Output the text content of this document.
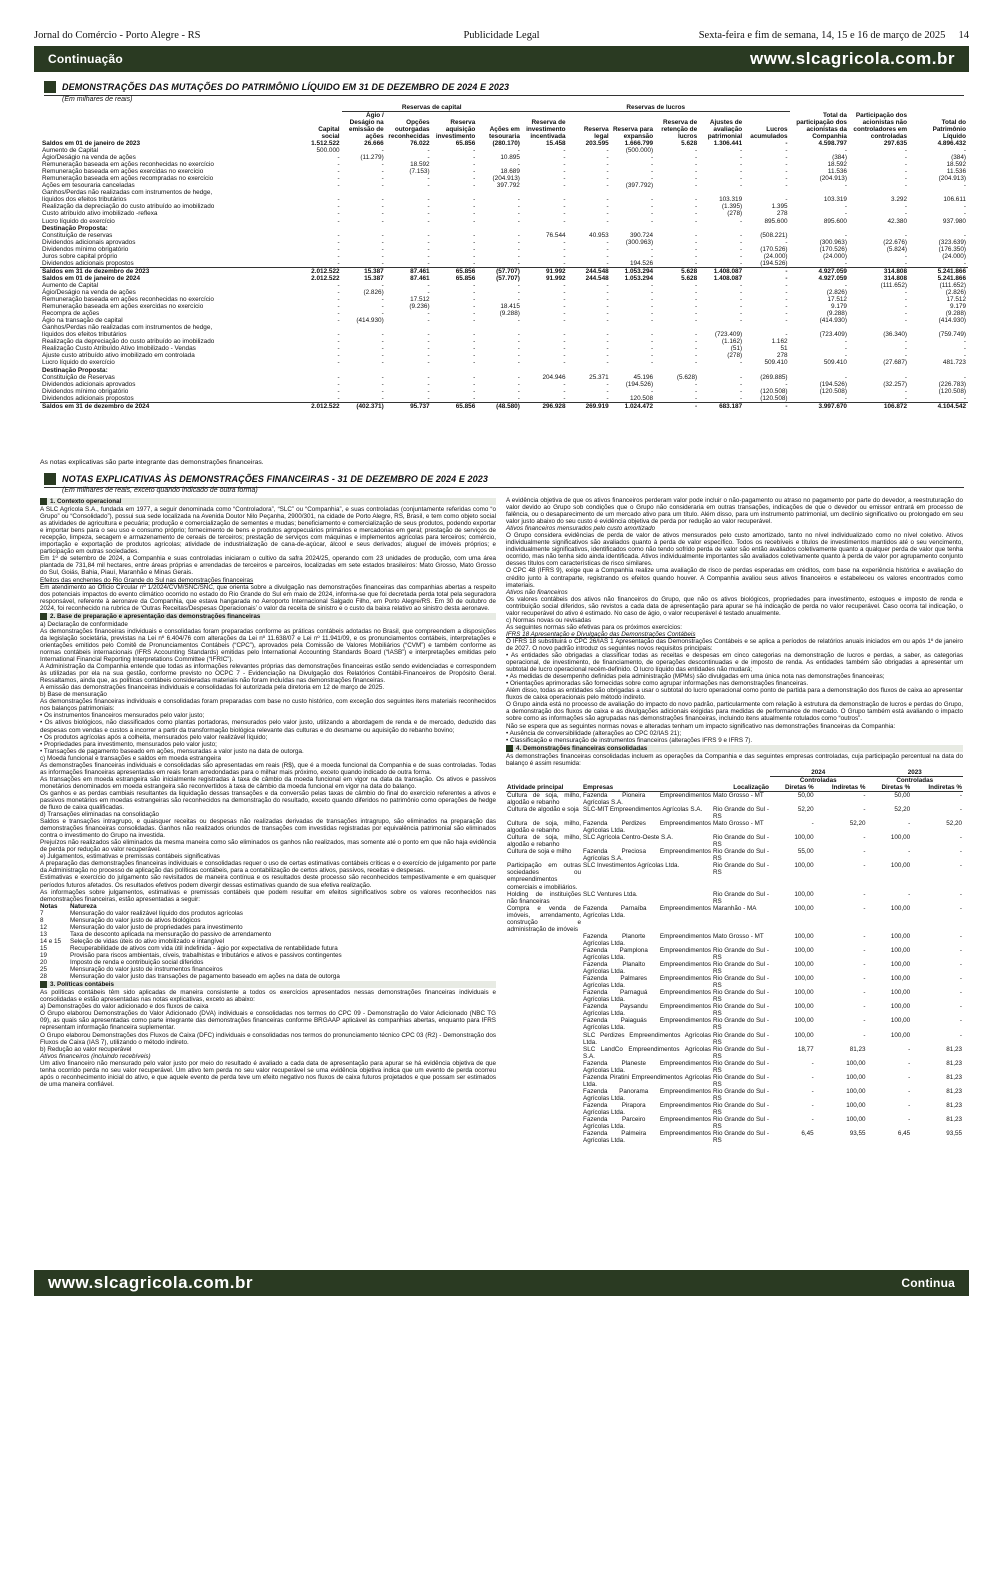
Jornal do Comércio - Porto Alegre - RS	Publicidade Legal	Sexta-feira e fim de semana, 14, 15 e 16 de março de 2025 14
Continuação	www.slcagricola.com.br
DEMONSTRAÇÕES DAS MUTAÇÕES DO PATRIMÔNIO LÍQUIDO EM 31 DE DEZEMBRO DE 2024 E 2023
(Em milhares de reais)
		Reservas de capital				Reservas de lucros								
	Capital social	Ágio / Deságio na emissão de ações	Opções outorgadas reconhecidas	Reserva aquisição investimento	Ações em tesouraria	Reserva de investimento incentivada	Reserva legal	Reserva para expansão	Reserva de retenção de lucros	Ajustes de avaliação patrimonial	Lucros acumulados	Total da participação dos acionistas da Companhia	Participação dos acionistas não controladores em controladas	Total do Patrimônio Líquido
Saldos em 01 de janeiro de 2023	1.512.522	26.666	76.022	65.856	(280.170)	15.458	203.595	1.666.799	5.628	1.306.441	-	4.598.797	297.635	4.896.432
Aumento de Capital	500.000	-	-	-	-	-	-	(500.000)	-	-	-	-	-	-
Ágio/Deságio na venda de ações	-	(11.279)	-	-	10.895	-	-	-	-	-	-	(384)	-	(384)
Remuneração baseada em ações reconhecidas no exercício	-	-	18.592	-	-	-	-	-	-	-	-	18.592	-	18.592
Remuneração baseada em ações exercidas no exercício	-	-	(7.153)	-	18.689	-	-	-	-	-	-	11.536	-	11.536
Remuneração baseada em ações recompradas no exercício	-	-	-	-	(204.913)	-	-	-	-	-	-	(204.913)	-	(204.913)
Ações em tesouraria canceladas	-	-	-	-	397.792	-	-	(397.792)	-	-	-	-	-	-
Ganhos/Perdas não realizadas com instrumentos de hedge,														
líquidos dos efeitos tributários	-	-	-	-	-	-	-	-	-	103.319	-	103.319	3.292	106.611
Realização da depreciação do custo atribuído ao imobilizado	-	-	-	-	-	-	-	-	-	(1.395)	1.395	-	-	-
Custo atribuído ativo imobilizado -reflexa	-	-	-	-	-	-	-	-	-	(278)	278	-	-	-
Lucro líquido do exercício	-	-	-	-	-	-	-	-	-	-	895.600	895.600	42.380	937.980
Destinação Proposta:														
Constituição de reservas	-	-	-	-	-	76.544	40.953	390.724	-	-	(508.221)	-	-	-
Dividendos adicionais aprovados	-	-	-	-	-	-	-	(300.963)	-	-	-	(300.963)	(22.676)	(323.639)
Dividendos mínimo obrigatório	-	-	-	-	-	-	-	-	-	-	(170.526)	(170.526)	(5.824)	(176.350)
Juros sobre capital próprio	-	-	-	-	-	-	-	-	-	-	(24.000)	(24.000)	-	(24.000)
Dividendos adicionais propostos	-	-	-	-	-	-	-	194.526	-	-	(194.526)	-	-	-
Saldos em 31 de dezembro de 2023	2.012.522	15.387	87.461	65.856	(57.707)	91.992	244.548	1.053.294	5.628	1.408.087	-	4.927.059	314.808	5.241.866
Saldos em 01 de janeiro de 2024	2.012.522	15.387	87.461	65.856	(57.707)	91.992	244.548	1.053.294	5.628	1.408.087	-	4.927.059	314.808	5.241.866
Aumento de Capital	-	-	-	-	-	-	-	-	-	-	-	-	(111.652)	(111.652)
Ágio/Deságio na venda de ações	-	(2.826)	-	-	-	-	-	-	-	-	-	(2.826)	-	(2.826)
Remuneração baseada em ações reconhecidas no exercício	-	-	17.512	-	-	-	-	-	-	-	-	17.512	-	17.512
Remuneração baseada em ações exercidas no exercício	-	-	(9.236)	-	18.415	-	-	-	-	-	-	9.179	-	9.179
Recompra de ações	-	-	-	-	(9.288)	-	-	-	-	-	-	(9.288)	-	(9.288)
Ágio na transação de capital	-	(414.930)	-	-	-	-	-	-	-	-	-	(414.930)	-	(414.930)
Ganhos/Perdas não realizadas com instrumentos de hedge,														
líquidos dos efeitos tributários	-	-	-	-	-	-	-	-	-	(723.409)	-	(723.409)	(36.340)	(759.749)
Realização da depreciação do custo atribuído ao imobilizado	-	-	-	-	-	-	-	-	-	(1.162)	1.162	-	-	-
Realização Custo Atribuído Ativo Imobilizado - Vendas	-	-	-	-	-	-	-	-	-	(51)	51	-	-	-
Ajuste custo atribuído ativo imobilizado em controlada	-	-	-	-	-	-	-	-	-	(278)	278	-	-	-
Lucro líquido do exercício	-	-	-	-	-	-	-	-	-	-	509.410	509.410	(27.687)	481.723
Destinação Proposta:														
Constituição de Reservas	-	-	-	-	-	204.946	25.371	45.196	(5.628)	-	(269.885)	-	-	-
Dividendos adicionais aprovados	-	-	-	-	-	-	-	(194.526)	-	-	-	(194.526)	(32.257)	(226.783)
Dividendos mínimo obrigatório	-	-	-	-	-	-	-	-	-	-	(120.508)	(120.508)	-	(120.508)
Dividendos adicionais propostos	-	-	-	-	-	-	-	120.508	-	-	(120.508)	-	-	-
Saldos em 31 de dezembro de 2024	2.012.522	(402.371)	95.737	65.856	(48.580)	296.928	269.919	1.024.472	-	683.187	-	3.997.670	106.872	4.104.542
As notas explicativas são parte integrante das demonstrações financeiras.
NOTAS EXPLICATIVAS ÀS DEMONSTRAÇÕES FINANCEIRAS - 31 DE DEZEMBRO DE 2024 E 2023
(Em milhares de reais, exceto quando indicado de outra forma)
1. Contexto operacional

A SLC Agrícola S.A., fundada em 1977, a seguir denominada como “Controladora”, “SLC” ou “Companhia”, e suas controladas (conjuntamente referidas como “o Grupo” ou “Consolidado”), possui sua sede localizada na Avenida Doutor Nilo Peçanha, 2900/301, na cidade de Porto Alegre, RS, Brasil, e tem como objeto social as atividades de agricultura e pecuária; produção e comercialização de sementes e mudas; beneficiamento e comercialização de seus produtos, podendo exportar e importar bens para o seu uso e consumo próprio; fornecimento de bens e produtos agropecuários primários e mercadorias em geral; prestação de serviços de recepção, limpeza, secagem e armazenamento de cereais de terceiros; prestação de serviços com máquinas e implementos agrícolas para terceiros; comércio, importação e exportação de produtos agrícolas; atividade de industrialização de cana-de-açúcar, álcool e seus derivados; aluguel de imóveis próprios; e participação em outras sociedades.

Em 1º de setembro de 2024, a Companhia e suas controladas iniciaram o cultivo da safra 2024/25, operando com 23 unidades de produção, com uma área plantada de 731,84 mil hectares, entre áreas próprias e arrendadas de terceiros e parceiros, localizadas em sete estados brasileiros: Mato Grosso, Mato Grosso do Sul, Goiás, Bahia, Piauí, Maranhão e Minas Gerais.

Efeitos das enchentes do Rio Grande do Sul nas demonstrações financeiras

Em atendimento ao Ofício Circular nº 1/2024/CVM/SNC/SNC, que orienta sobre a divulgação nas demonstrações financeiras das companhias abertas a respeito dos potenciais impactos do evento climático ocorrido no estado do Rio Grande do Sul em maio de 2024, informa-se que foi decretada perda total pela seguradora responsável, referente à aeronave da Companhia, que estava hangarada no Aeroporto Internacional Salgado Filho, em Porto Alegre/RS. Em 30 de outubro de 2024, foi reconhecido na rubrica de ‘Outras Receitas/Despesas Operacionais’ o valor da receita de sinistro e o custo da baixa relativo ao sinistro desta aeronave.

2. Base de preparação e apresentação das demonstrações financeiras

a) Declaração de conformidade

As demonstrações financeiras individuais e consolidadas foram preparadas conforme as práticas contábeis adotadas no Brasil, que compreendem a disposições da legislação societária, previstas na Lei nº 6.404/76 com alterações da Lei nº 11.638/07 e Lei nº 11.941/09, e os pronunciamentos contábeis, interpretações e orientações emitidos pelo Comitê de Pronunciamentos Contábeis (“CPC”), aprovados pela Comissão de Valores Mobiliários (“CVM”) e também conforme as normas contábeis internacionais (IFRS Accounting Standards) emitidas pelo International Accounting Standards Board (“IASB”) e interpretações emitidas pelo International Financial Reporting Interpretations Committee (“IFRIC”).

A Administração da Companhia entende que todas as informações relevantes próprias das demonstrações financeiras estão sendo evidenciadas e correspondem às utilizadas por ela na sua gestão, conforme previsto no OCPC 7 - Evidenciação na Divulgação dos Relatórios Contábil-Financeiros de Propósito Geral. Ressaltamos, ainda que, as políticas contábeis consideradas materiais não foram incluídas nas demonstrações financeiras.

A emissão das demonstrações financeiras individuais e consolidadas foi autorizada pela diretoria em 12 de março de 2025.

b) Base de mensuração

As demonstrações financeiras individuais e consolidadas foram preparadas com base no custo histórico, com exceção dos seguintes itens materiais reconhecidos nos balanços patrimoniais:

• Os instrumentos financeiros mensurados pelo valor justo;
• Os ativos biológicos, não classificados como plantas portadoras, mensurados pelo valor justo, utilizando a abordagem de renda e de mercado, deduzido das despesas com vendas e custos a incorrer a partir da transformação biológica relevante das culturas e do desmame ou aquisição do rebanho bovino;
• Os produtos agrícolas após a colheita, mensurados pelo valor realizável líquido;
• Propriedades para investimento, mensurados pelo valor justo;
• Transações de pagamento baseado em ações, mensuradas a valor justo na data de outorga.

c) Moeda funcional e transações e saldos em moeda estrangeira

As demonstrações financeiras individuais e consolidadas são apresentadas em reais (R$), que é a moeda funcional da Companhia e de suas controladas. Todas as informações financeiras apresentadas em reais foram arredondadas para o milhar mais próximo, exceto quando indicado de outra forma.

As transações em moeda estrangeira são inicialmente registradas à taxa de câmbio da moeda funcional em vigor na data da transação. Os ativos e passivos monetários denominados em moeda estrangeira são reconvertidos à taxa de câmbio da moeda funcional em vigor na data do balanço.

Os ganhos e as perdas cambiais resultantes da liquidação dessas transações e da conversão pelas taxas de câmbio do final do exercício referentes a ativos e passivos monetários em moedas estrangeiras são reconhecidos na demonstração do resultado, exceto quando diferidos no patrimônio como operações de hedge de fluxo de caixa qualificadas.

d) Transações eliminadas na consolidação

Saldos e transações intragrupo, e quaisquer receitas ou despesas não realizadas derivadas de transações intragrupo, são eliminados na preparação das demonstrações financeiras consolidadas. Ganhos não realizados oriundos de transações com investidas registradas por equivalência patrimonial são eliminados contra o investimento do Grupo na investida.

Prejuízos não realizados são eliminados da mesma maneira como são eliminados os ganhos não realizados, mas somente até o ponto em que não haja evidência de perda por redução ao valor recuperável.

e) Julgamentos, estimativas e premissas contábeis significativas

A preparação das demonstrações financeiras individuais e consolidadas requer o uso de certas estimativas contábeis críticas e o exercício de julgamento por parte da Administração no processo de aplicação das políticas contábeis, para a contabilização de certos ativos, passivos, receitas e despesas.

Estimativas e exercício do julgamento são revisitados de maneira contínua e os resultados deste processo são reconhecidos tempestivamente e em quaisquer períodos futuros afetados. Os resultados efetivos podem divergir dessas estimativas quando de sua efetiva realização.

As informações sobre julgamentos, estimativas e premissas contábeis que podem resultar em efeitos significativos sobre os valores reconhecidos nas demonstrações financeiras, estão apresentadas a seguir:

Notas	Natureza
7	Mensuração do valor realizável líquido dos produtos agrícolas
8	Mensuração do valor justo de ativos biológicos
12	Mensuração do valor justo de propriedades para investimento
13	Taxa de desconto aplicada na mensuração do passivo de arrendamento
14 e 15	Seleção de vidas úteis do ativo imobilizado e intangível
15	Recuperabilidade de ativos com vida útil indefinida - ágio por expectativa de rentabilidade futura
19	Provisão para riscos ambientais, cíveis, trabalhistas e tributários e ativos e passivos contingentes
20	Imposto de renda e contribuição social diferidos
25	Mensuração do valor justo de instrumentos financeiros
28	Mensuração do valor justo das transações de pagamento baseado em ações na data de outorga
3. Políticas contábeis

As políticas contábeis têm sido aplicadas de maneira consistente a todos os exercícios apresentados nessas demonstrações financeiras individuais e consolidadas e estão apresentadas nas notas explicativas, exceto as abaixo:

a) Demonstrações do valor adicionado e dos fluxos de caixa

O Grupo elaborou Demonstrações do Valor Adicionado (DVA) individuais e consolidadas nos termos do CPC 09 - Demonstração do Valor Adicionado (NBC TG 09), as quais são apresentadas como parte integrante das demonstrações financeiras conforme BRGAAP aplicável às companhias abertas, enquanto para IFRS representam informação financeira suplementar.

O Grupo elaborou Demonstrações dos Fluxos de Caixa (DFC) individuais e consolidadas nos termos do pronunciamento técnico CPC 03 (R2) - Demonstração dos Fluxos de Caixa (IAS 7), utilizando o método indireto.

b) Redução ao valor recuperável

Ativos financeiros (incluindo recebíveis)

Um ativo financeiro não mensurado pelo valor justo por meio do resultado é avaliado a cada data de apresentação para apurar se há evidência objetiva de que tenha ocorrido perda no seu valor recuperável. Um ativo tem perda no seu valor recuperável se uma evidência objetiva indica que um evento de perda ocorreu após o reconhecimento inicial do ativo, e que aquele evento de perda teve um efeito negativo nos fluxos de caixa futuros projetados e que possam ser estimados de uma maneira confiável.

A evidência objetiva de que os ativos financeiros perderam valor pode incluir o não-pagamento ou atraso no pagamento por parte do devedor, a reestruturação do valor devido ao Grupo sob condições que o Grupo não consideraria em outras transações, indicações de que o devedor ou emissor entrará em processo de falência, ou o desaparecimento de um mercado ativo para um título. Além disso, para um instrumento patrimonial, um declínio significativo ou prolongado em seu valor justo abaixo do seu custo é evidência objetiva de perda por redução ao valor recuperável.

Ativos financeiros mensurados pelo custo amortizado

O Grupo considera evidências de perda de valor de ativos mensurados pelo custo amortizado, tanto no nível individualizado como no nível coletivo. Ativos individualmente significativos são avaliados quanto à perda de valor específico. Todos os recebíveis e títulos de investimentos mantidos até o seu vencimento, individualmente significativos, identificados como não tendo sofrido perda de valor são então avaliados coletivamente quanto a qualquer perda de valor que tenha ocorrido, mas não tenha sido ainda identificada. Ativos individualmente importantes são avaliados coletivamente quanto à perda de valor por agrupamento conjunto desses títulos com características de risco similares.

O CPC 48 (IFRS 9), exige que a Companhia realize uma avaliação de risco de perdas esperadas em créditos, com base na experiência histórica e avaliação do crédito junto à contraparte, registrando os efeitos quando houver. A Companhia avaliou seus ativos financeiros e estabeleceu os valores encontrados como imateriais.

Ativos não financeiros

Os valores contábeis dos ativos não financeiros do Grupo, que não os ativos biológicos, propriedades para investimento, estoques e imposto de renda e contribuição social diferidos, são revistos a cada data de apresentação para apurar se há indicação de perda no valor recuperável. Caso ocorra tal indicação, o valor recuperável do ativo é estimado. No caso de ágio, o valor recuperável é testado anualmente.

c) Normas novas ou revisadas

As seguintes normas são efetivas para os próximos exercícios:

IFRS 18 Apresentação e Divulgação das Demonstrações Contábeis

O IFRS 18 substituirá o CPC 26/IAS 1 Apresentação das Demonstrações Contábeis e se aplica a períodos de relatórios anuais iniciados em ou após 1º de janeiro de 2027. O novo padrão introduz os seguintes novos requisitos principais:

• As entidades são obrigadas a classificar todas as receitas e despesas em cinco categorias na demonstração de lucros e perdas, a saber, as categorias operacional, de investimento, de financiamento, de operações descontinuadas e de imposto de renda. As entidades também são obrigadas a apresentar um subtotal de lucro operacional recém-definido. O lucro líquido das entidades não mudará;
• As medidas de desempenho definidas pela administração (MPMs) são divulgadas em uma única nota nas demonstrações financeiras;
• Orientações aprimoradas são fornecidas sobre como agrupar informações nas demonstrações financeiras.

Além disso, todas as entidades são obrigadas a usar o subtotal do lucro operacional como ponto de partida para a demonstração dos fluxos de caixa ao apresentar fluxos de caixa operacionais pelo método indireto.

O Grupo ainda está no processo de avaliação do impacto do novo padrão, particularmente com relação à estrutura da demonstração de lucros e perdas do Grupo, a demonstração dos fluxos de caixa e as divulgações adicionais exigidas para medidas de performance de mercado. O Grupo também está avaliando o impacto sobre como as informações são agrupadas nas demonstrações financeiras, incluindo itens atualmente rotulados como “outros”.

Não se espera que as seguintes normas novas e alteradas tenham um impacto significativo nas demonstrações financeiras da Companhia:

• Ausência de conversibilidade (alterações ao CPC 02/IAS 21);
• Classificação e mensuração de instrumentos financeiros (alterações IFRS 9 e IFRS 7).
4. Demonstrações financeiras consolidadas

As demonstrações financeiras consolidadas incluem as operações da Companhia e das seguintes empresas controladas, cuja participação percentual na data do balanço é assim resumida:

			2024		2023	
			Controladas		Controladas	
Atividade principal	Empresas	Localização	Diretas %	Indiretas %	Diretas %	Indiretas %
Cultura de soja, milho, algodão e rebanho	Fazenda Pioneira Empreendimentos Agrícolas S.A.	Mato Grosso - MT	50,00	-	50,00	-
Cultura de algodão e soja	SLC-MIT Empreendimentos Agrícolas S.A.	Rio Grande do Sul - RS	52,20	-	52,20	-
Cultura de soja, milho, algodão e rebanho	Fazenda Perdizes Empreendimentos Agrícolas Ltda.	Mato Grosso - MT	-	52,20	-	52,20
Cultura de soja, milho, algodão e rebanho	SLC Agrícola Centro-Oeste S.A.	Rio Grande do Sul - RS	100,00	-	100,00	-
Cultura de soja e milho	Fazenda Preciosa Empreendimentos Agrícolas S.A.	Rio Grande do Sul - RS	55,00	-	-	-
Participação em outras sociedades ou empreendimentos comerciais e imobiliários.	SLC Investimentos Agrícolas Ltda.	Rio Grande do Sul - RS	100,00	-	100,00	-
Holding de instituições não financeiras	SLC Ventures Ltda.	Rio Grande do Sul - RS	100,00	-	-	-
Compra e venda de imóveis, arrendamento, construção e administração de imóveis	Fazenda Parnaíba Empreendimentos Agrícolas Ltda.	Maranhão - MA	100,00	-	100,00	-
	Fazenda Planorte Empreendimentos Agrícolas Ltda.	Mato Grosso - MT	100,00	-	100,00	-
	Fazenda Pamplona Empreendimentos Agrícolas Ltda.	Rio Grande do Sul - RS	100,00	-	100,00	-
	Fazenda Planalto Empreendimentos Agrícolas Ltda.	Rio Grande do Sul - RS	100,00	-	100,00	-
	Fazenda Palmares Empreendimentos Agrícolas Ltda.	Rio Grande do Sul - RS	100,00	-	100,00	-
	Fazenda Parnaguá Empreendimentos Agrícolas Ltda.	Rio Grande do Sul - RS	100,00	-	100,00	-
	Fazenda Paysandu Empreendimentos Agrícolas Ltda.	Rio Grande do Sul - RS	100,00	-	100,00	-
	Fazenda Paiaguás Empreendimentos Agrícolas Ltda.	Rio Grande do Sul - RS	100,00	-	100,00	-
	SLC Perdizes Empreendimentos Agrícolas Ltda.	Rio Grande do Sul - RS	100,00	-	100,00	-
	SLC LandCo Empreendimentos Agrícolas S.A.	Rio Grande do Sul - RS	18,77	81,23	-	81,23
	Fazenda Planeste Empreendimentos Agrícolas Ltda.	Rio Grande do Sul - RS	-	100,00	-	81,23
	Fazenda Piratini Empreendimentos Agrícolas Ltda.	Rio Grande do Sul - RS	-	100,00	-	81,23
	Fazenda Panorama Empreendimentos Agrícolas Ltda.	Rio Grande do Sul - RS	-	100,00	-	81,23
	Fazenda Pirapora Empreendimentos Agrícolas Ltda.	Rio Grande do Sul - RS	-	100,00	-	81,23
	Fazenda Parceiro Empreendimentos Agrícolas Ltda.	Rio Grande do Sul - RS	-	100,00	-	81,23
	Fazenda Palmeira Empreendimentos Agrícolas Ltda.	Rio Grande do Sul - RS	6,45	93,55	6,45	93,55
www.slcagricola.com.br	Continua
